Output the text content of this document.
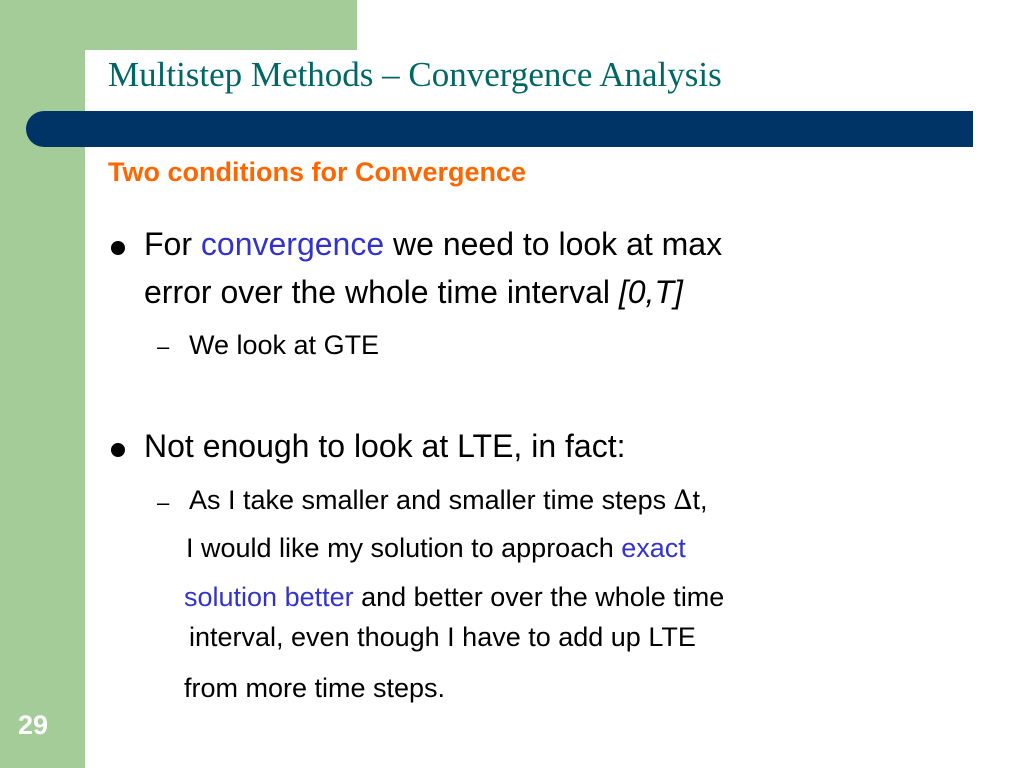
Multistep Methods – Convergence Analysis
Two conditions for Convergence
For convergence we need to look at max
error over the whole time interval [0,T]
– We look at GTE
Not enough to look at LTE, in fact:
– As I take smaller and smaller time steps ∆t,
I would like my solution to approach exact
solution better and better over the whole time
interval, even though I have to add up LTE
from more time steps.
29
